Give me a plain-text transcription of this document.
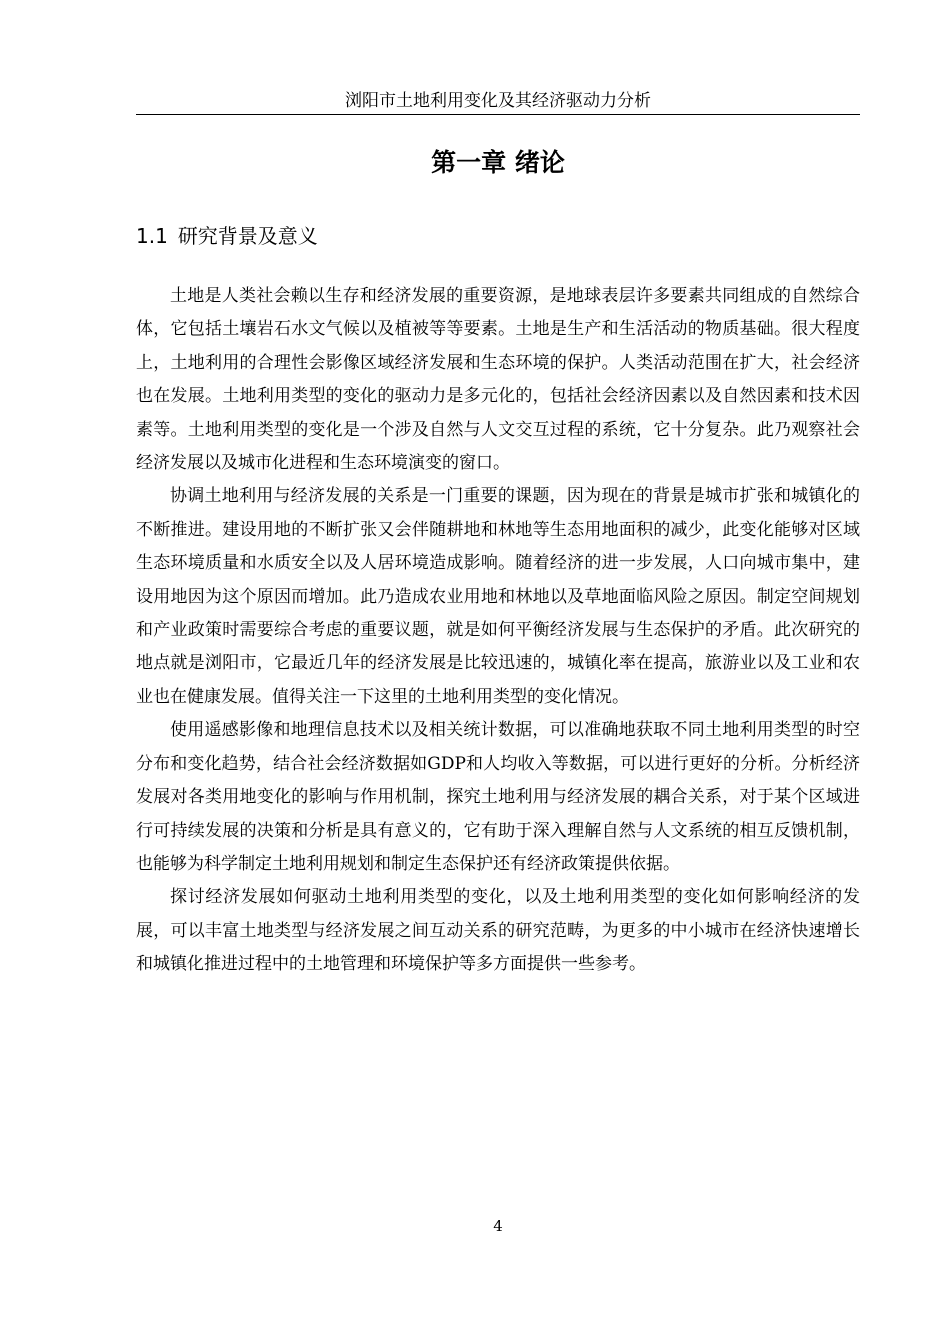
浏阳市土地利用变化及其经济驱动力分析
第一章 绪论
1.1 研究背景及意义

土地是人类社会赖以生存和经济发展的重要资源，是地球表层许多要素共同组成的自然综合体，它包括土壤岩石水文气候以及植被等等要素。土地是生产和生活活动的物质基础。很大程度上，土地利用的合理性会影像区域经济发展和生态环境的保护。人类活动范围在扩大，社会经济也在发展。土地利用类型的变化的驱动力是多元化的，包括社会经济因素以及自然因素和技术因素等。土地利用类型的变化是一个涉及自然与人文交互过程的系统，它十分复杂。此乃观察社会经济发展以及城市化进程和生态环境演变的窗口。

协调土地利用与经济发展的关系是一门重要的课题，因为现在的背景是城市扩张和城镇化的不断推进。建设用地的不断扩张又会伴随耕地和林地等生态用地面积的减少，此变化能够对区域生态环境质量和水质安全以及人居环境造成影响。随着经济的进一步发展，人口向城市集中，建设用地因为这个原因而增加。此乃造成农业用地和林地以及草地面临风险之原因。制定空间规划和产业政策时需要综合考虑的重要议题，就是如何平衡经济发展与生态保护的矛盾。此次研究的地点就是浏阳市，它最近几年的经济发展是比较迅速的，城镇化率在提高，旅游业以及工业和农业也在健康发展。值得关注一下这里的土地利用类型的变化情况。

使用遥感影像和地理信息技术以及相关统计数据，可以准确地获取不同土地利用类型的时空分布和变化趋势，结合社会经济数据如GDP和人均收入等数据，可以进行更好的分析。分析经济发展对各类用地变化的影响与作用机制，探究土地利用与经济发展的耦合关系，对于某个区域进行可持续发展的决策和分析是具有意义的，它有助于深入理解自然与人文系统的相互反馈机制，也能够为科学制定土地利用规划和制定生态保护还有经济政策提供依据。

探讨经济发展如何驱动土地利用类型的变化，以及土地利用类型的变化如何影响经济的发展，可以丰富土地类型与经济发展之间互动关系的研究范畴，为更多的中小城市在经济快速增长和城镇化推进过程中的土地管理和环境保护等多方面提供一些参考。

4
